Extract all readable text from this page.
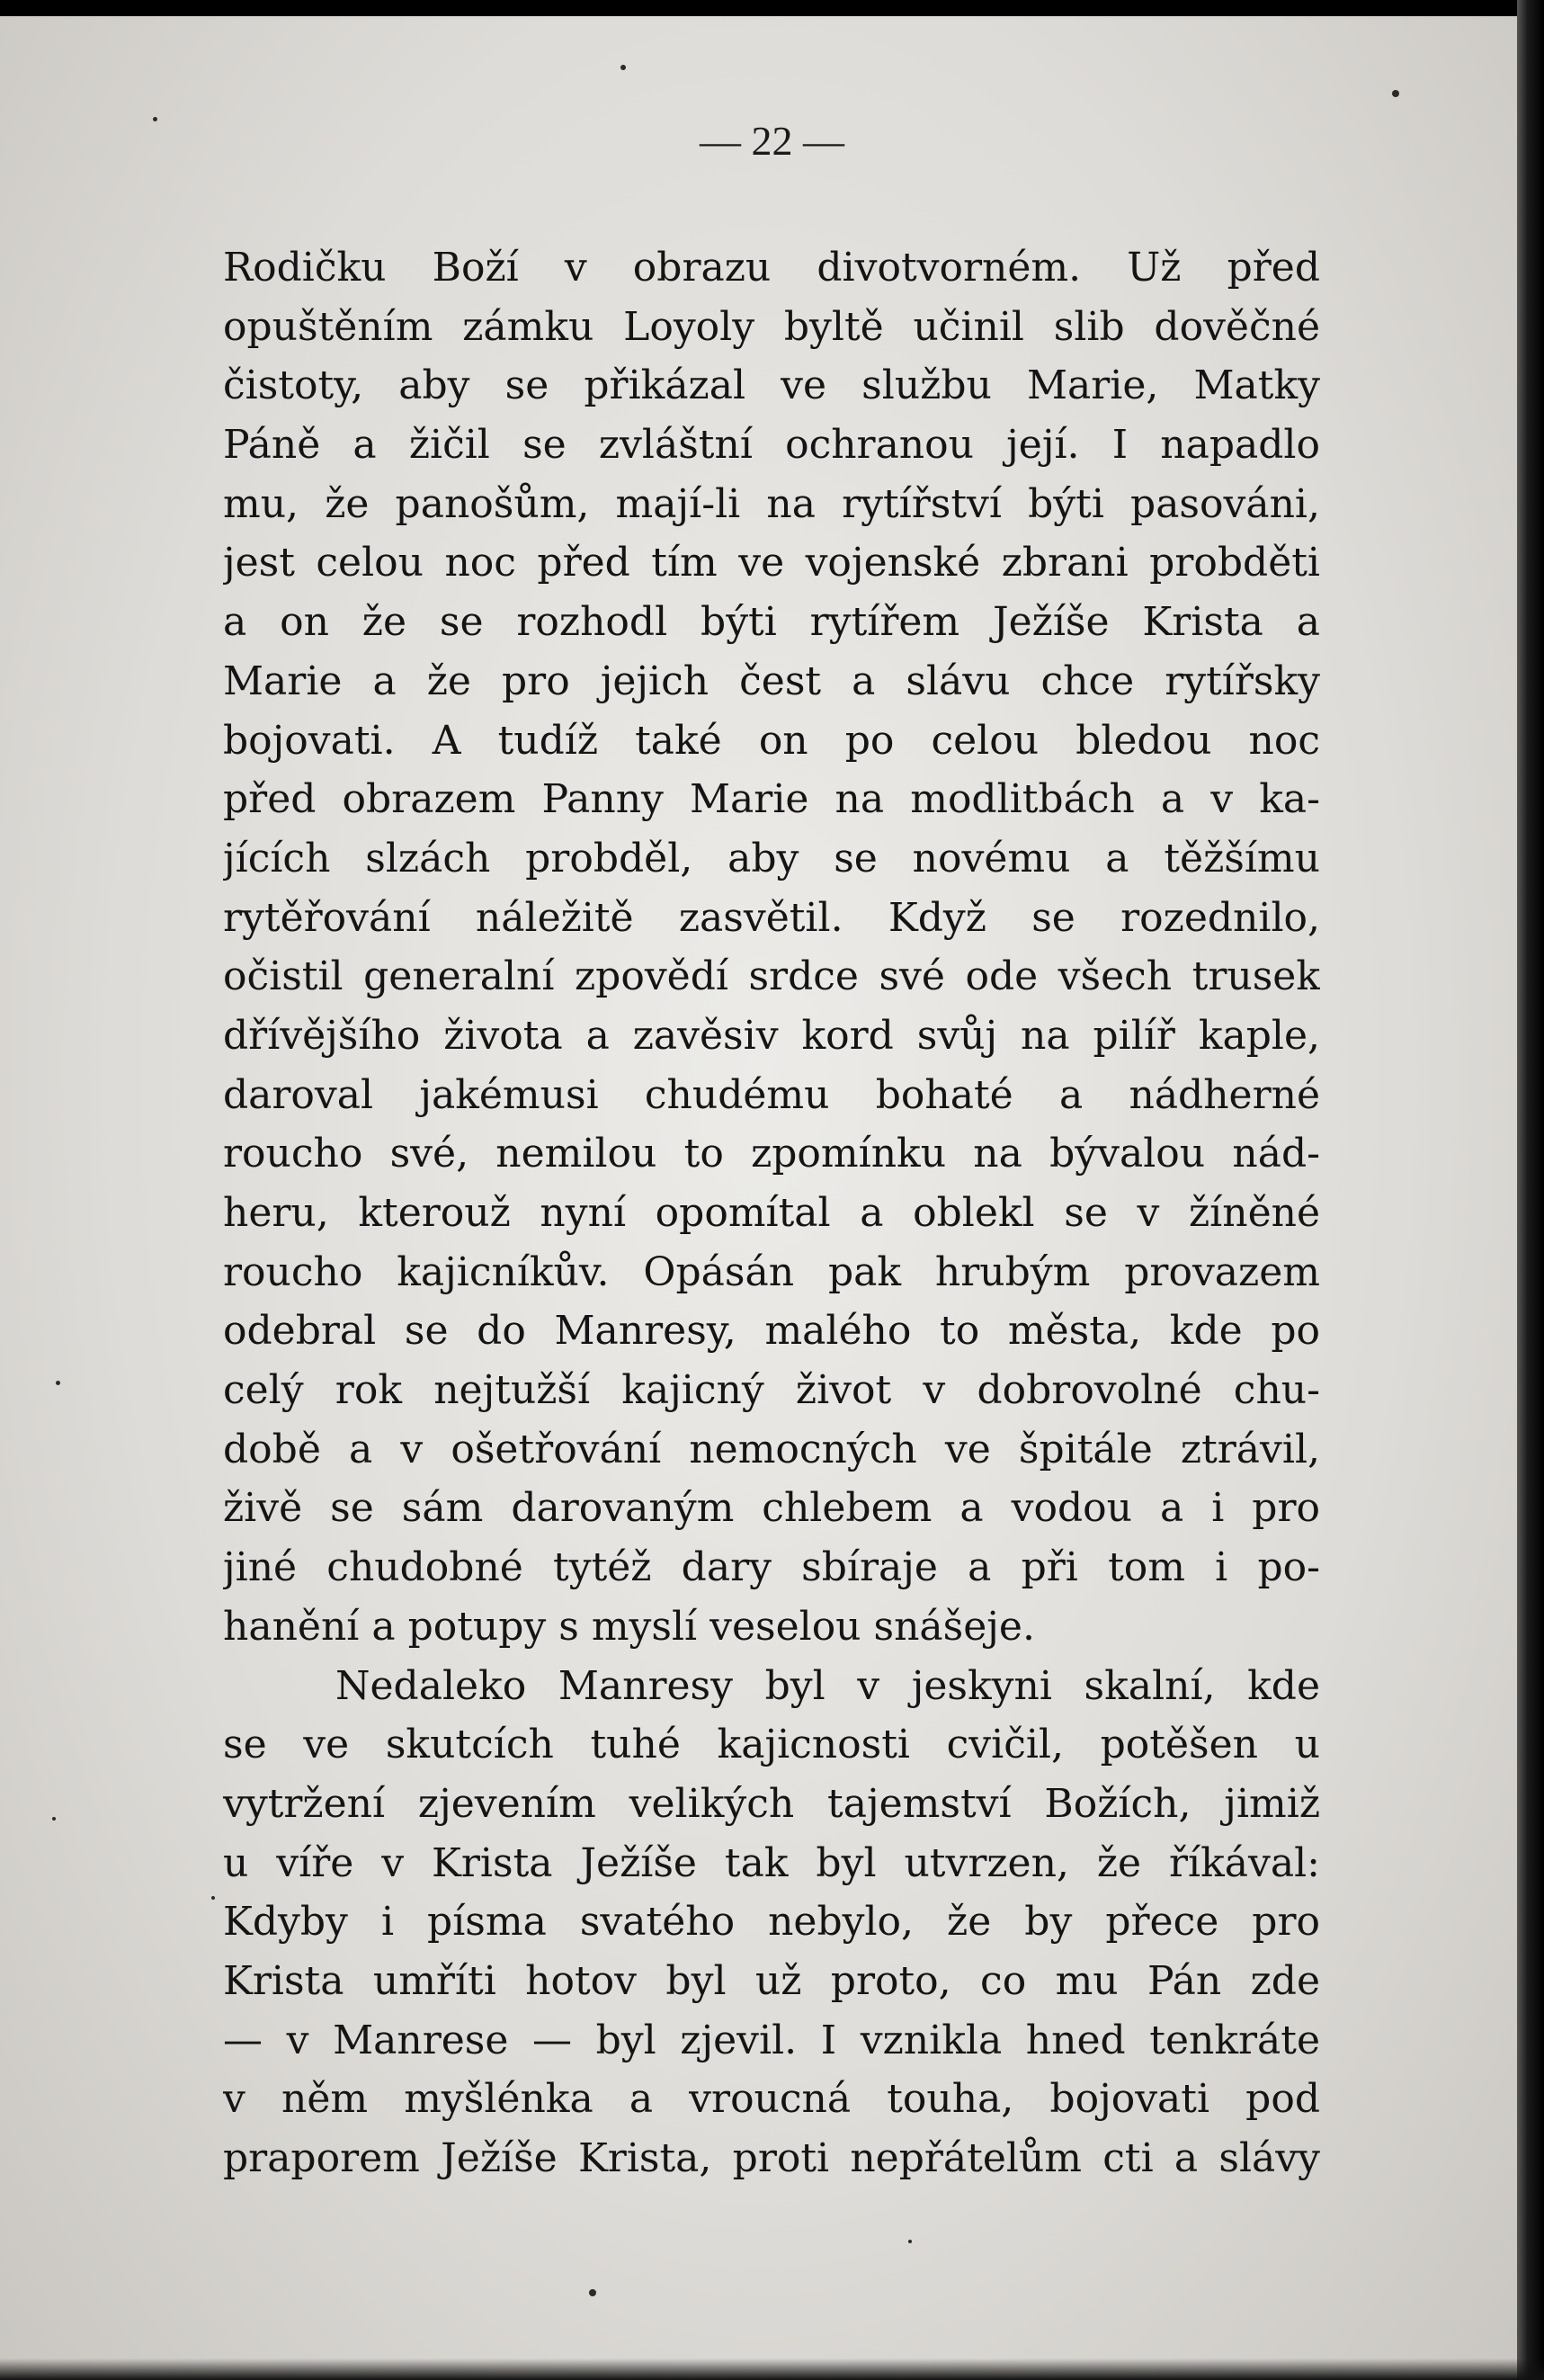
— 22 —
Rodičku Boží v obrazu divotvorném. Už před
opuštěním zámku Loyoly byltě učinil slib dověčné
čistoty, aby se přikázal ve službu Marie, Matky
Páně a žičil se zvláštní ochranou její. I napadlo
mu, že panošům, mají-li na rytířství býti pasováni,
jest celou noc před tím ve vojenské zbrani probděti
a on že se rozhodl býti rytířem Ježíše Krista a
Marie a že pro jejich čest a slávu chce rytířsky
bojovati. A tudíž také on po celou bledou noc
před obrazem Panny Marie na modlitbách a v ka-
jících slzách probděl, aby se novému a těžšímu
rytěřování náležitě zasvětil. Když se rozednilo,
očistil generalní zpovědí srdce své ode všech trusek
dřívějšího života a zavěsiv kord svůj na pilíř kaple,
daroval jakémusi chudému bohaté a nádherné
roucho své, nemilou to zpomínku na bývalou nád-
heru, kterouž nyní opomítal a oblekl se v žíněné
roucho kajicníkův. Opásán pak hrubým provazem
odebral se do Manresy, malého to města, kde po
celý rok nejtužší kajicný život v dobrovolné chu-
době a v ošetřování nemocných ve špitále ztrávil,
živě se sám darovaným chlebem a vodou a i pro
jiné chudobné tytéž dary sbíraje a při tom i po-
hanění a potupy s myslí veselou snášeje.
Nedaleko Manresy byl v jeskyni skalní, kde
se ve skutcích tuhé kajicnosti cvičil, potěšen u
vytržení zjevením velikých tajemství Božích, jimiž
u víře v Krista Ježíše tak byl utvrzen, že říkával:
Kdyby i písma svatého nebylo, že by přece pro
Krista umříti hotov byl už proto, co mu Pán zde
— v Manrese — byl zjevil. I vznikla hned tenkráte
v něm myšlénka a vroucná touha, bojovati pod
praporem Ježíše Krista, proti nepřátelům cti a slávy
